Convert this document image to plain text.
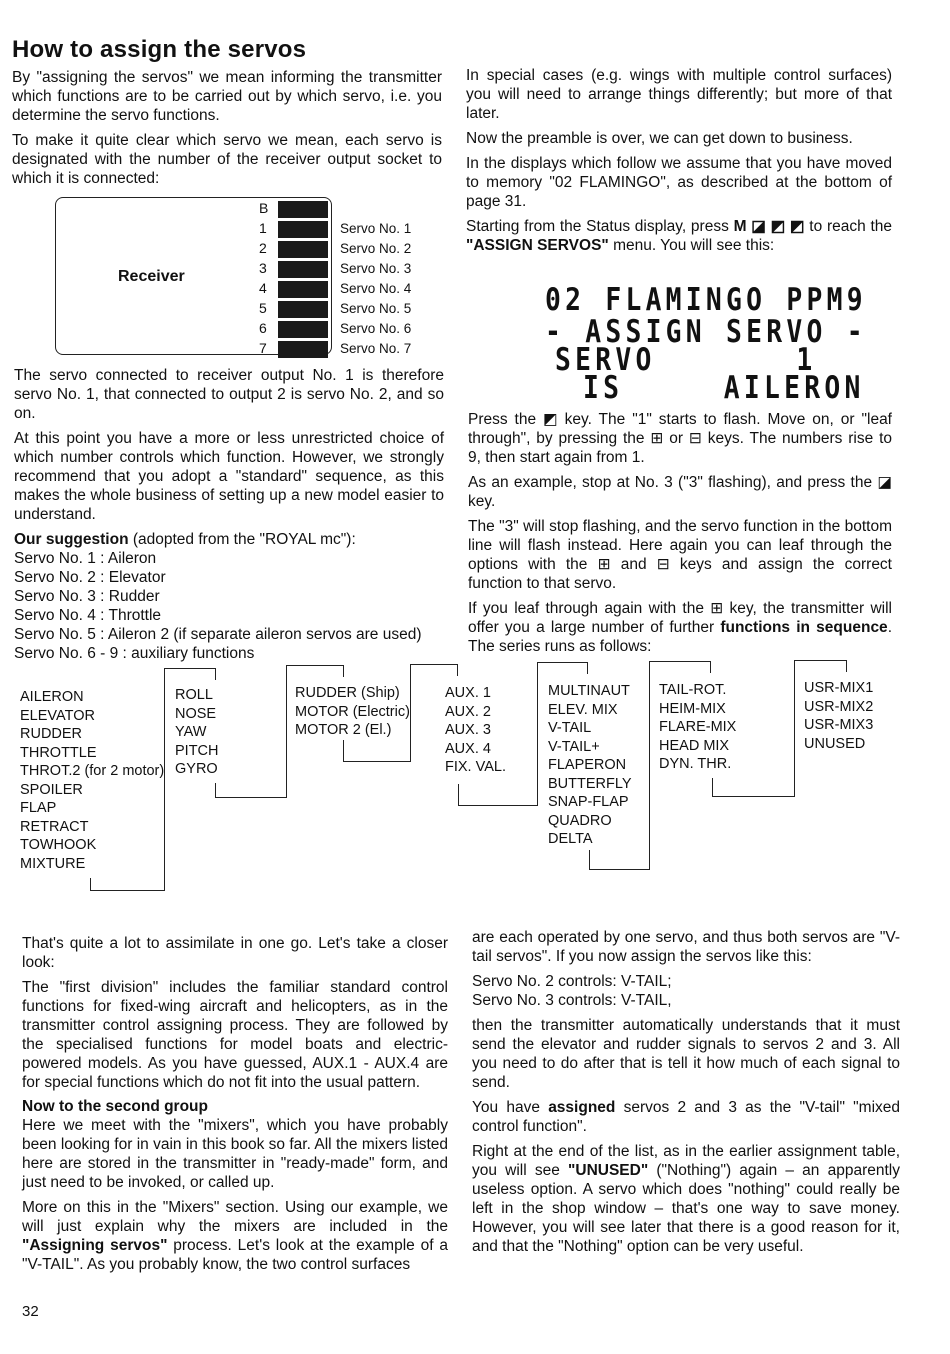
How to assign the servos

By "assigning the servos" we mean informing the transmitter which functions are to be carried out by which servo, i.e. you determine the servo functions.

To make it quite clear which servo we mean, each servo is designated with the number of the receiver output socket to which it is connected:

Receiver
B
1	Servo No. 1
2	Servo No. 2
3	Servo No. 3
4	Servo No. 4
5	Servo No. 5
6	Servo No. 6
7	Servo No. 7

The servo connected to receiver output No. 1 is therefore servo No. 1, that connected to output 2 is servo No. 2, and so on.

At this point you have a more or less unrestricted choice of which number controls which function. However, we strongly recommend that you adopt a "standard" sequence, as this makes the whole business of setting up a new model easier to understand.

Our suggestion (adopted from the "ROYAL mc"):
Servo No. 1 : Aileron
Servo No. 2 : Elevator
Servo No. 3 : Rudder
Servo No. 4 : Throttle
Servo No. 5 : Aileron 2 (if separate aileron servos are used)
Servo No. 6 - 9 : auxiliary functions

In special cases (e.g. wings with multiple control surfaces) you will need to arrange things differently; but more of that later.

Now the preamble is over, we can get down to business.

In the displays which follow we assume that you have moved to memory "02 FLAMINGO", as described at the bottom of page 31.

Starting from the Status display, press M ◪ ◩ ◩ to reach the "ASSIGN SERVOS" menu. You will see this:

02 FLAMINGO PPM9
- ASSIGN SERVO -
SERVO       1
IS     AILERON

Press the ◩ key. The "1" starts to flash. Move on, or "leaf through", by pressing the ⊞ or ⊟ keys. The numbers rise to 9, then start again from 1.

As an example, stop at No. 3 ("3" flashing), and press the ◪ key.

The "3" will stop flashing, and the servo function in the bottom line will flash instead. Here again you can leaf through the options with the ⊞ and ⊟ keys and assign the correct function to that servo.

If you leaf through again with the ⊞ key, the transmitter will offer you a large number of further functions in sequence. The series runs as follows:

AILERON
ELEVATOR
RUDDER
THROTTLE
THROT.2 (for 2 motor)
SPOILER
FLAP
RETRACT
TOWHOOK
MIXTURE
ROLL
NOSE
YAW
PITCH
GYRO
RUDDER (Ship)
MOTOR (Electric)
MOTOR 2 (El.)
AUX. 1
AUX. 2
AUX. 3
AUX. 4
FIX. VAL.
MULTINAUT
ELEV. MIX
V-TAIL
V-TAIL+
FLAPERON
BUTTERFLY
SNAP-FLAP
QUADRO
DELTA
TAIL-ROT.
HEIM-MIX
FLARE-MIX
HEAD MIX
DYN. THR.
USR-MIX1
USR-MIX2
USR-MIX3
UNUSED

That's quite a lot to assimilate in one go. Let's take a closer look:

The "first division" includes the familiar standard control functions for fixed-wing aircraft and helicopters, as in the transmitter control assigning process. They are followed by the specialised functions for model boats and electric-powered models. As you have guessed, AUX.1 - AUX.4 are for special functions which do not fit into the usual pattern.

Now to the second group

Here we meet with the "mixers", which you have probably been looking for in vain in this book so far. All the mixers listed here are stored in the transmitter in "ready-made" form, and just need to be invoked, or called up.

More on this in the "Mixers" section. Using our example, we will just explain why the mixers are included in the "Assigning servos" process. Let's look at the example of a "V-TAIL". As you probably know, the two control surfaces

are each operated by one servo, and thus both servos are "V-tail servos". If you now assign the servos like this:

Servo No. 2 controls: V-TAIL;

Servo No. 3 controls: V-TAIL,

then the transmitter automatically understands that it must send the elevator and rudder signals to servos 2 and 3. All you need to do after that is tell it how much of each signal to send.

You have assigned servos 2 and 3 as the "V-tail" "mixed control function".

Right at the end of the list, as in the earlier assignment table, you will see "UNUSED" ("Nothing") again – an apparently useless option. A servo which does "nothing" could really be left in the shop window – that's one way to save money. However, you will see later that there is a good reason for it, and that the "Nothing" option can be very useful.

32
